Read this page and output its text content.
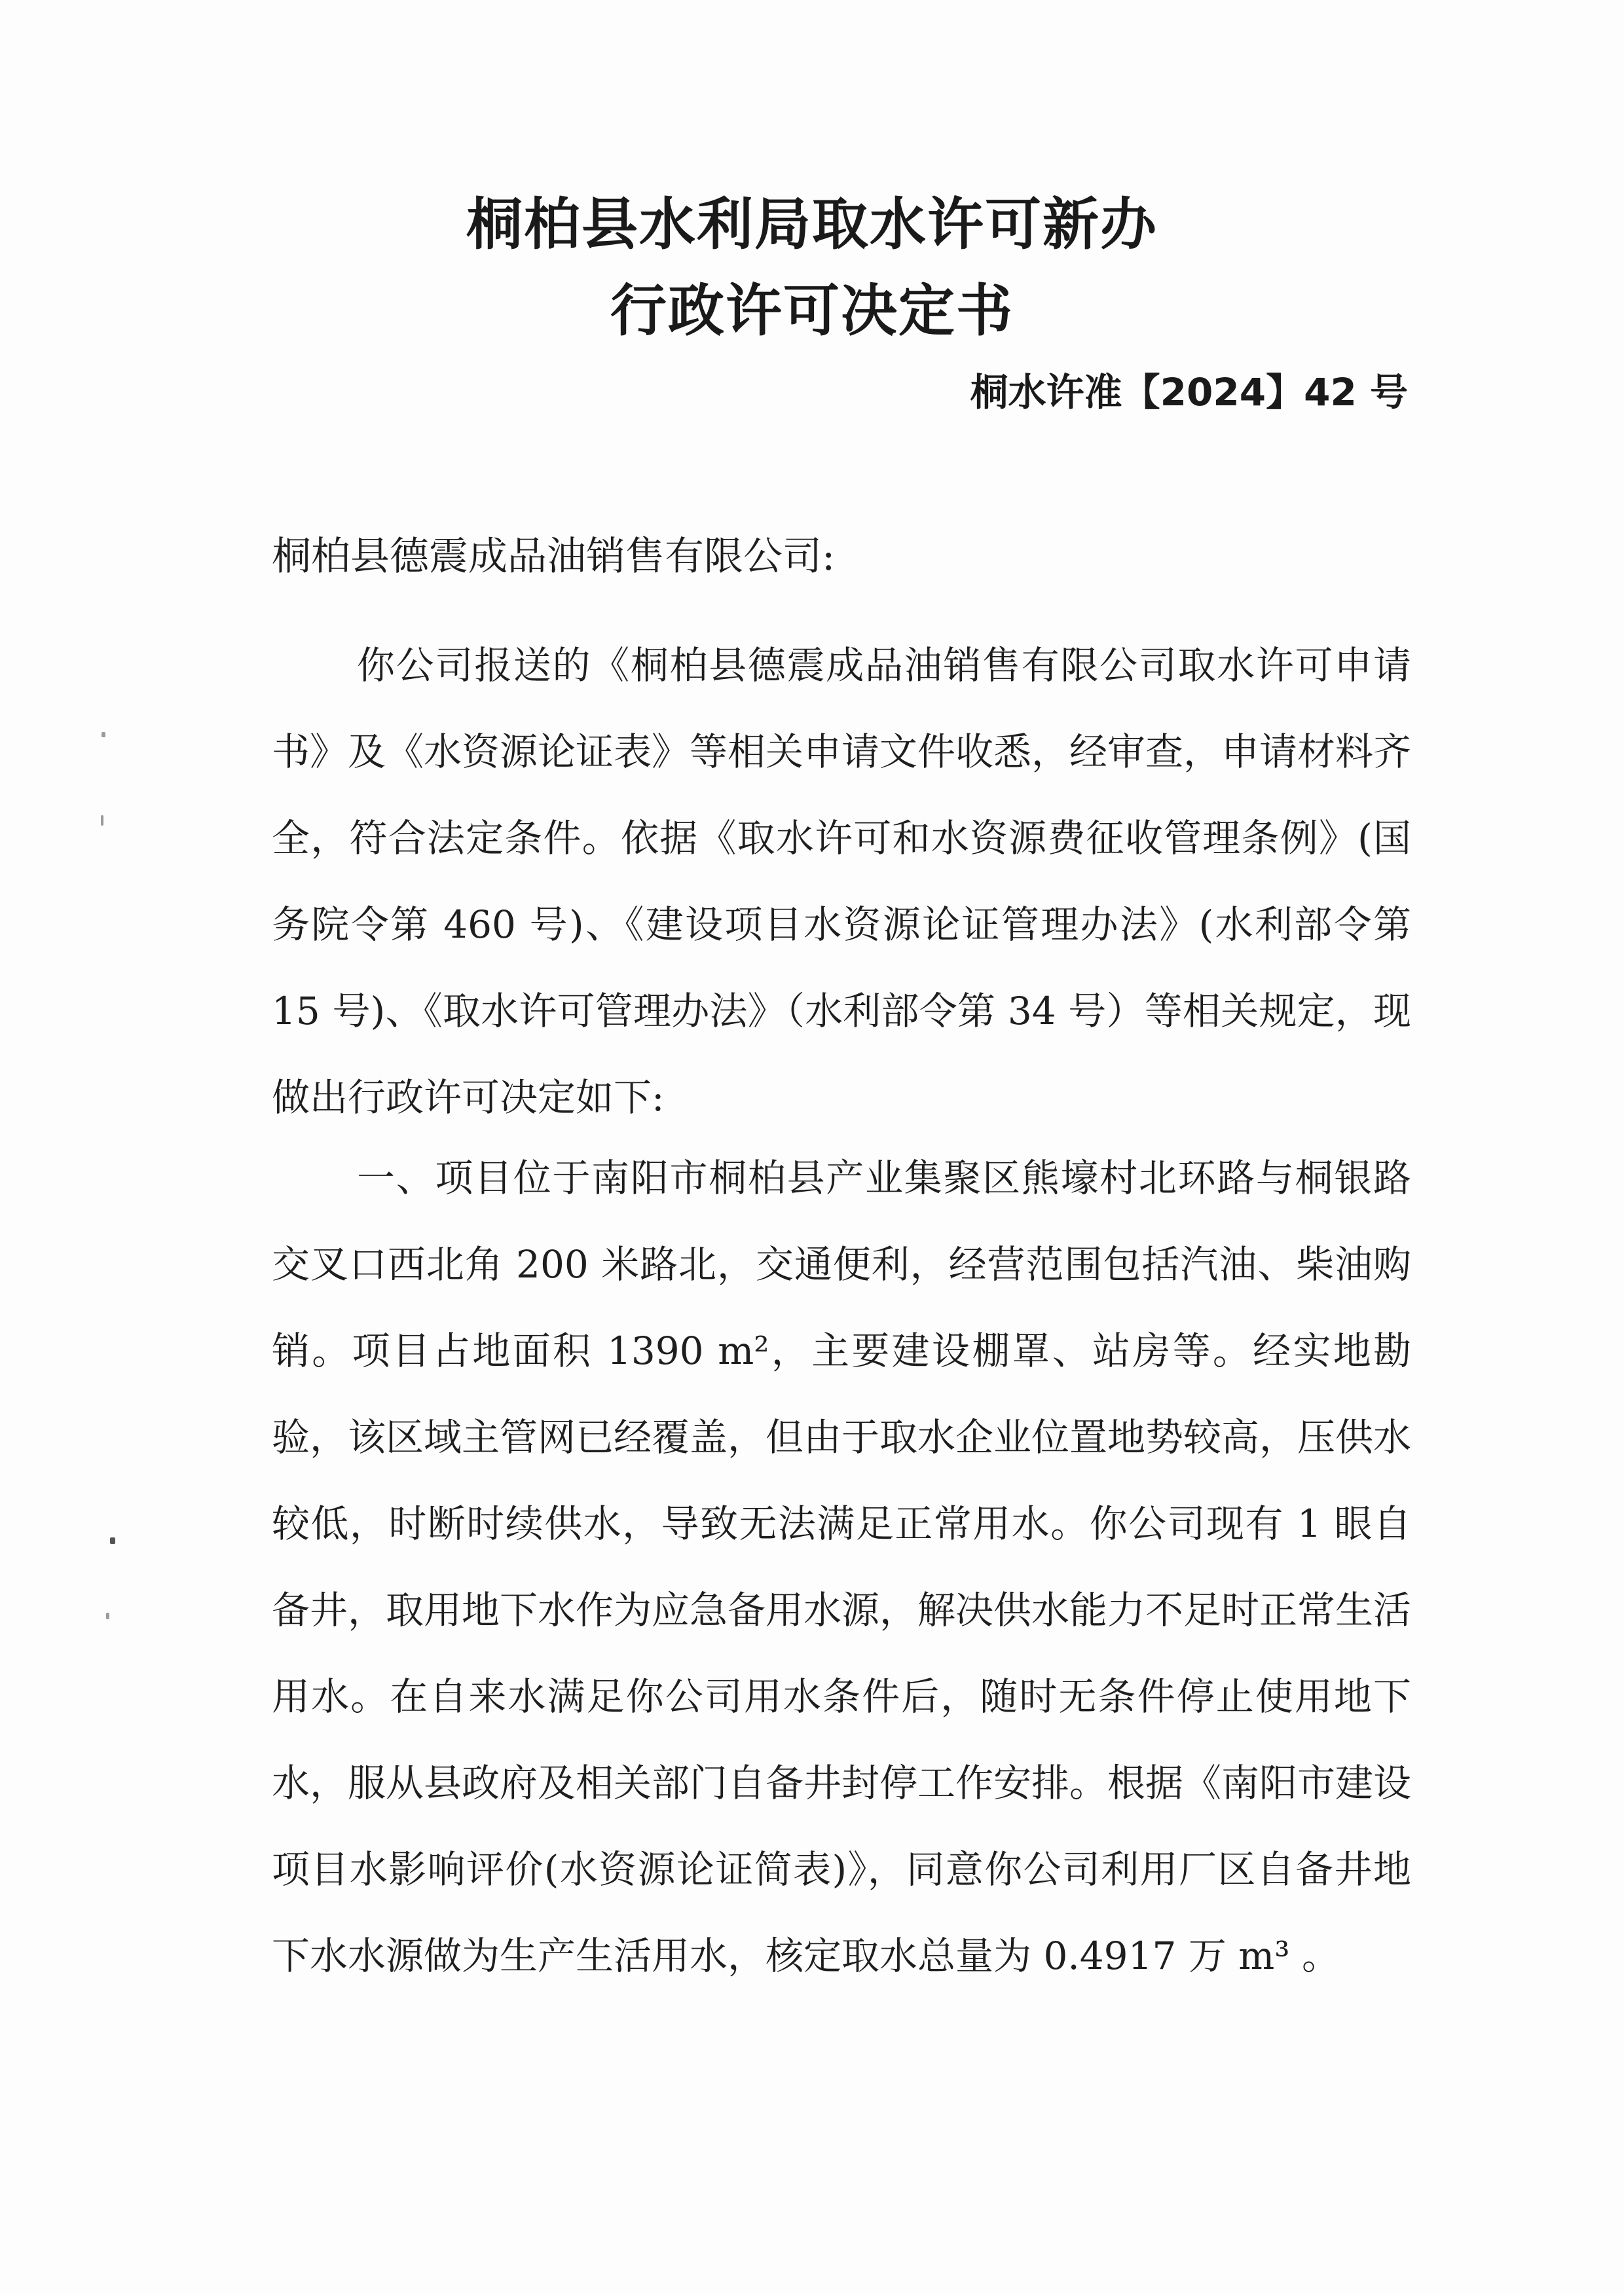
桐柏县水利局取水许可新办
行政许可决定书
桐水许准【2024】42 号
桐柏县德震成品油销售有限公司:

你公司报送的《桐柏县德震成品油销售有限公司取水许可申请书》及《水资源论证表》等相关申请文件收悉，经审查，申请材料齐全，符合法定条件。依据《取水许可和水资源费征收管理条例》(国务院令第 460 号)、《建设项目水资源论证管理办法》(水利部令第 15 号)、《取水许可管理办法》（水利部令第 34 号）等相关规定，现做出行政许可决定如下:

一、项目位于南阳市桐柏县产业集聚区熊壕村北环路与桐银路交叉口西北角 200 米路北，交通便利，经营范围包括汽油、柴油购销。项目占地面积 1390 m²，主要建设棚罩、站房等。经实地勘验，该区域主管网已经覆盖，但由于取水企业位置地势较高，压供水较低，时断时续供水，导致无法满足正常用水。你公司现有 1 眼自备井，取用地下水作为应急备用水源，解决供水能力不足时正常生活用水。在自来水满足你公司用水条件后，随时无条件停止使用地下水，服从县政府及相关部门自备井封停工作安排。根据《南阳市建设项目水影响评价(水资源论证简表)》，同意你公司利用厂区自备井地下水水源做为生产生活用水，核定取水总量为 0.4917 万 m³ 。
